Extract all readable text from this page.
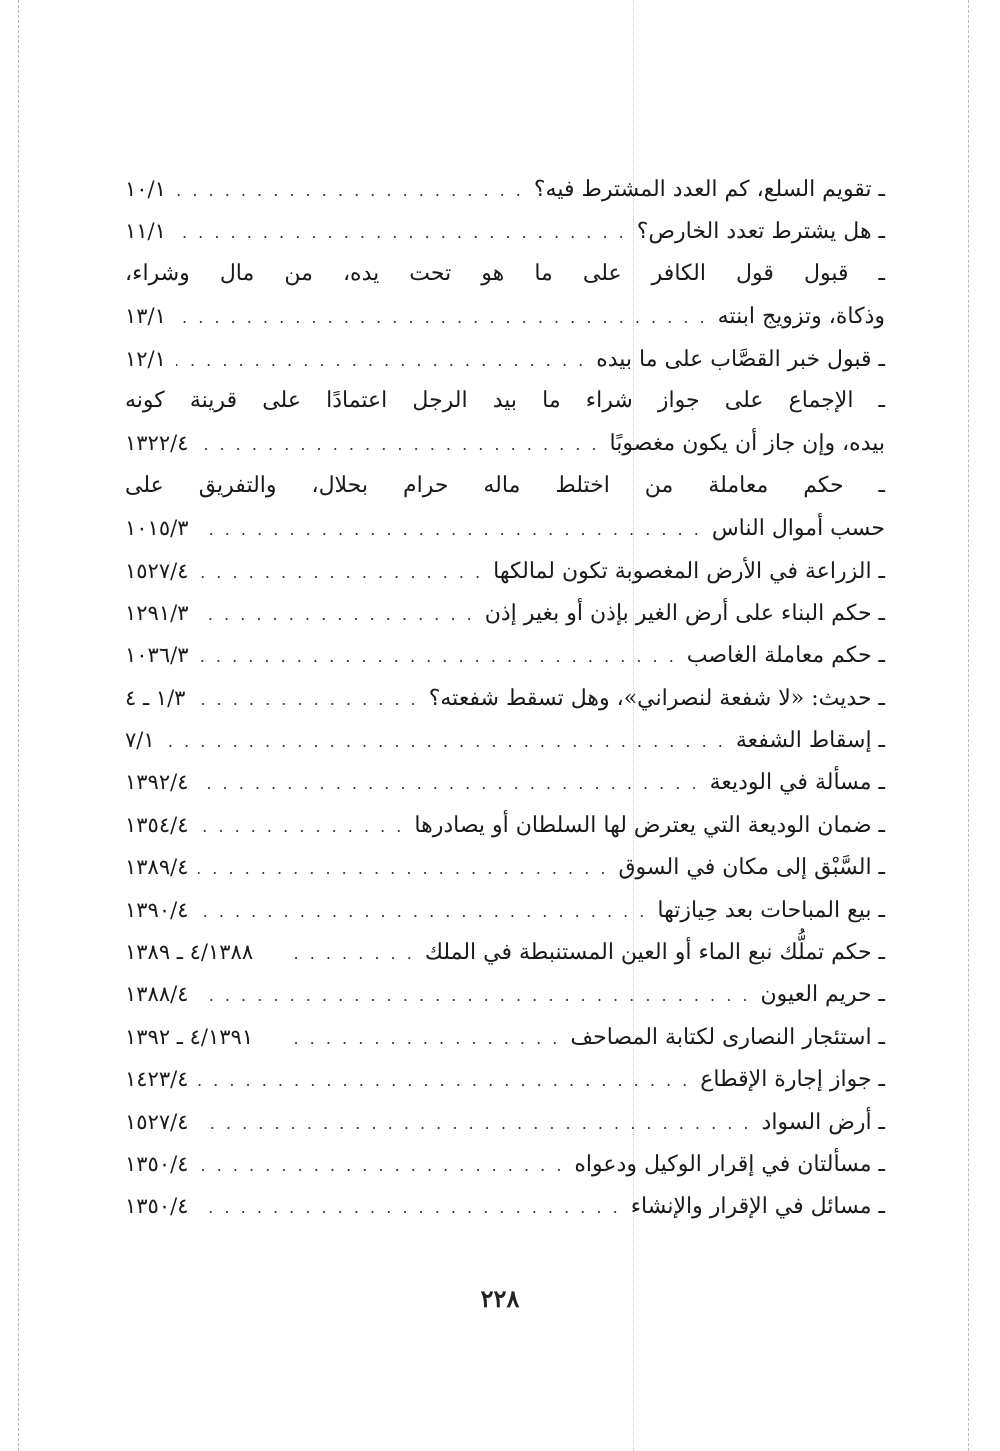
ـ تقويم السلع، كم العدد المشترط فيه؟
. . .
١٠/١
ـ هل يشترط تعدد الخارص؟
. . .
١١/١
ـ قبول قول الكافر على ما هو تحت يده، من مال وشراء،
وذكاة، وتزويج ابنته
. . .
١٣/١
ـ قبول خبر القصَّاب على ما بيده
. . .
١٢/١
ـ الإجماع على جواز شراء ما بيد الرجل اعتمادًا على قرينة كونه
بيده، وإن جاز أن يكون مغصوبًا
. . .
١٣٢٢/٤
ـ حكم معاملة من اختلط ماله حرام بحلال، والتفريق على
حسب أموال الناس
. . .
١٠١٥/٣
ـ الزراعة في الأرض المغصوبة تكون لمالكها
. . .
١٥٢٧/٤
ـ حكم البناء على أرض الغير بإذن أو بغير إذن
. . .
١٢٩١/٣
ـ حكم معاملة الغاصب
. . .
١٠٣٦/٣
ـ حديث: «لا شفعة لنصراني»، وهل تسقط شفعته؟
. . .
١/٣ ـ ٤
ـ إسقاط الشفعة
. . .
٧/١
ـ مسألة في الوديعة
. . .
١٣٩٢/٤
ـ ضمان الوديعة التي يعترض لها السلطان أو يصادرها
. . .
١٣٥٤/٤
ـ السَّبْق إلى مكان في السوق
. . .
١٣٨٩/٤
ـ بيع المباحات بعد حِيازتها
. . .
١٣٩٠/٤
ـ حكم تملُّك نبع الماء أو العين المستنبطة في الملك
. . .
٤/١٣٨٨ ـ ١٣٨٩
ـ حريم العيون
. . .
١٣٨٨/٤
ـ استئجار النصارى لكتابة المصاحف
. . .
٤/١٣٩١ ـ ١٣٩٢
ـ جواز إجارة الإقطاع
. . .
١٤٢٣/٤
ـ أرض السواد
. . .
١٥٢٧/٤
ـ مسألتان في إقرار الوكيل ودعواه
. . .
١٣٥٠/٤
ـ مسائل في الإقرار والإنشاء
. . .
١٣٥٠/٤
٢٢٨
